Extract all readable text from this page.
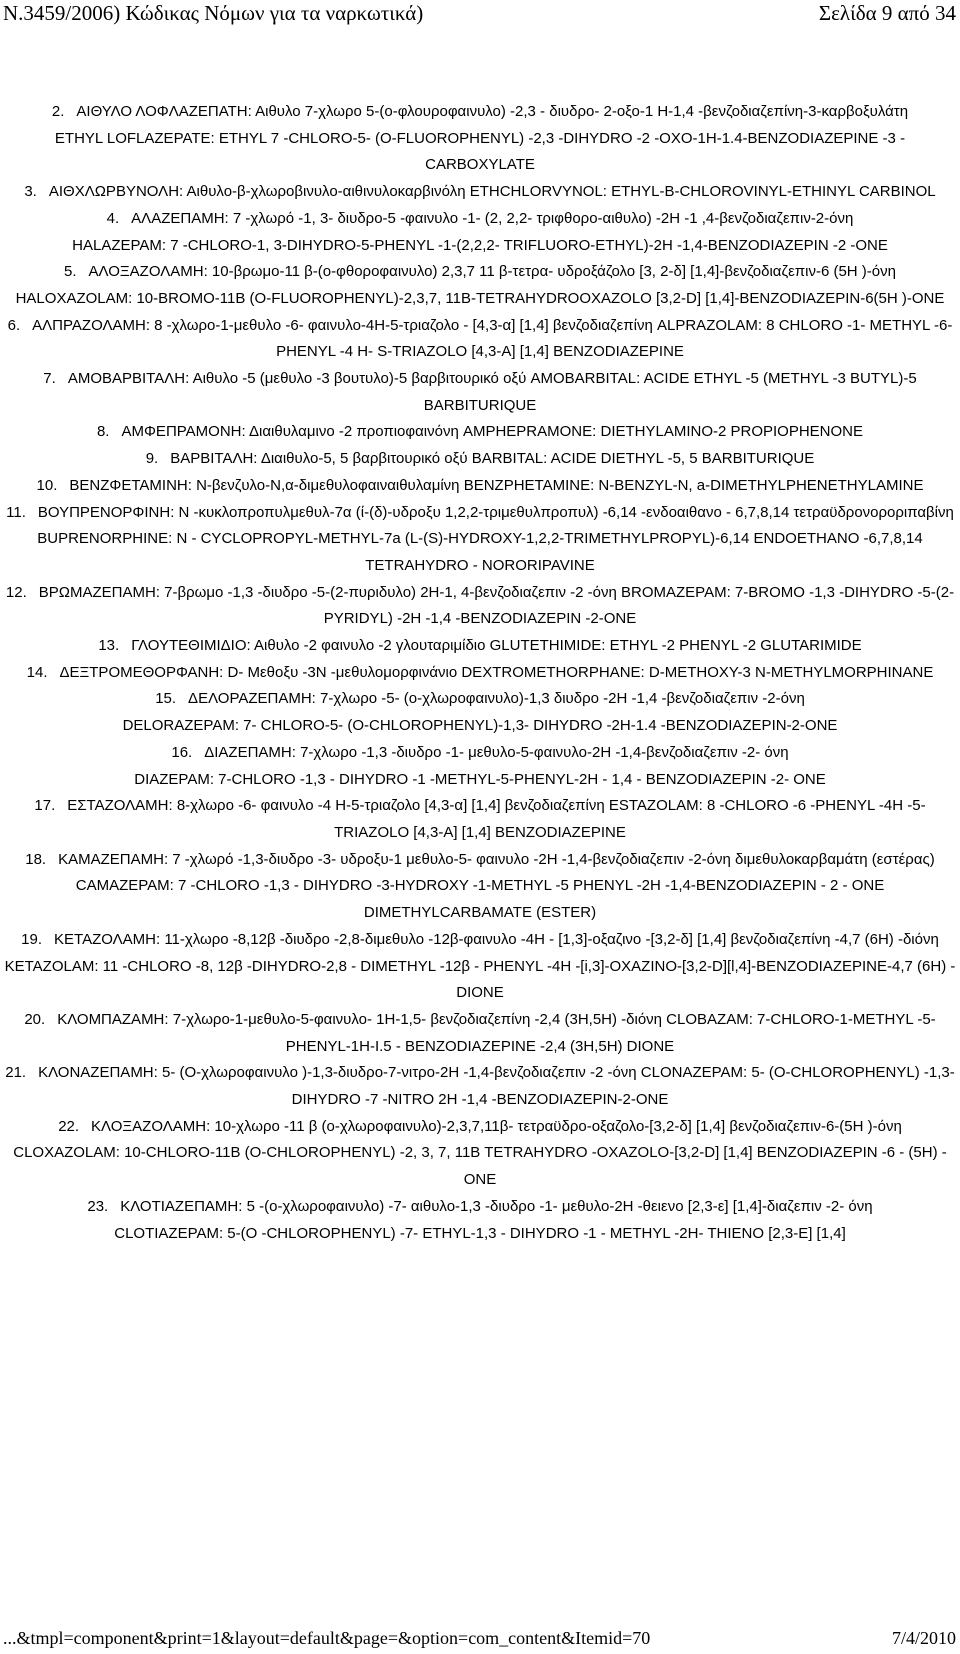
N.3459/2006) Κώδικας Νόμων για τα ναρκωτικά)	Σελίδα 9 από 34

2. ΑΙΘΥΛΟ ΛΟΦΛΑΖΕΠΑΤΗ: Αιθυλο 7-χλωρο 5-(ο-φλουροφαινυλο) -2,3 - διυδρο- 2-οξο-1 Η-1,4 -βενζοδιαζεπίνη-3-καρβοξυλάτη

ETHYL LOFLAZEPATE: ETHYL 7 -CHLORO-5- (O-FLUOROPHENYL) -2,3 -DIHYDRO -2 -OXO-1H-1.4-BENZODIAZEPINE -3 -CARBOXYLATE

3. ΑΙΘΧΛΩΡΒΥΝΟΛΗ: Αιθυλο-β-χλωροβινυλο-αιθινυλοκαρβινόλη ETHCHLORVYNOL: ETHYL-B-CHLOROVINYL-ETHINYL CARBINOL

4. ΑΛΑΖΕΠΑΜΗ: 7 -χλωρό -1, 3- διυδρο-5 -φαινυλο -1- (2, 2,2- τριφθορο-αιθυλο) -2Η -1 ,4-βενζοδιαζεπιν-2-όνη

HALAZEPAM: 7 -CHLORO-1, 3-DIHYDRO-5-PHENYL -1-(2,2,2- TRIFLUORO-ETHYL)-2H -1,4-BENZODIAZEPIN -2 -ONE

5. ΑΛΟΞΑΖΟΛΑΜΗ: 10-βρωμο-11 β-(ο-φθοροφαινυλο) 2,3,7 11 β-τετρα- υδροξάζολο [3, 2-δ] [1,4]-βενζοδιαζεπιν-6 (5Η )-όνη

HALOXAZOLAM: 10-BROMO-11B (O-FLUOROPHENYL)-2,3,7, 11B-TETRAHYDROOXAZOLO [3,2-D] [1,4]-BENZODIAZEPIN-6(5H )-ONE

6. ΑΛΠΡΑΖΟΛΑΜΗ: 8 -χλωρο-1-μεθυλο -6- φαινυλο-4Η-5-τριαζολο - [4,3-α] [1,4] βενζοδιαζεπίνη ALPRAZOLAM: 8 CHLORO -1- METHYL -6- PHENYL -4 H- S-TRIAZOLO [4,3-A] [1,4] BENZODIAZEPINE

7. ΑΜΟΒΑΡΒΙΤΑΛΗ: Αιθυλο -5 (μεθυλο -3 βουτυλο)-5 βαρβιτουρικό οξύ AMOBARBITAL: ACIDE ETHYL -5 (METHYL -3 BUTYL)-5 BARBITURIQUE

8. ΑΜΦΕΠΡΑΜΟΝΗ: Διαιθυλαμινο -2 προπιοφαινόνη AMPHEPRAMONE: DIETHYLAMINO-2 PROPIOPHENONE

9. ΒΑΡΒΙΤΑΛΗ: Διαιθυλο-5, 5 βαρβιτουρικό οξύ BARBITAL: ACIDE DIETHYL -5, 5 BARBITURIQUE

10. ΒΕΝΖΦΕΤΑΜΙΝΗ: N-βενζυλο-Ν,α-διμεθυλοφαιναιθυλαμίνη BENZPHETAMINE: N-BENZYL-N, a-DIMETHYLPHENETHYLAMINE

11. ΒΟΥΠΡΕΝΟΡΦΙΝΗ: Ν -κυκλοπροπυλμεθυλ-7α (ί-(δ)-υδροξυ 1,2,2-τριμεθυλπροπυλ) -6,14 -ενδοαιθανο - 6,7,8,14 τετραϋδρονοροριπαβίνη

BUPRENORPHINE: N - CYCLOPROPYL-METHYL-7a (L-(S)-HYDROXY-1,2,2-TRIMETHYLPROPYL)-6,14 ENDOETHANO -6,7,8,14 TETRAHYDRO - NORORIPAVINE

12. ΒΡΩΜΑΖΕΠΑΜΗ: 7-βρωμο -1,3 -διυδρο -5-(2-πυριδυλο) 2Η-1, 4-βενζοδιαζεπιν -2 -όνη BROMAZEPAM: 7-BROMO -1,3 -DIHYDRO -5-(2-PYRIDYL) -2H -1,4 -BENZODIAZEPIN -2-ONE

13. ΓΛΟΥΤΕΘΙΜΙΔΙΟ: Αιθυλο -2 φαινυλο -2 γλουταριμίδιο GLUTETHIMIDE: ETHYL -2 PHENYL -2 GLUTARIMIDE

14. ΔΕΞΤΡΟΜΕΘΟΡΦΑΝΗ: D- Μεθοξυ -3Ν -μεθυλομορφινάνιο DEXTROMETHORPHANE: D-METHOXY-3 N-METHYLMORPHINANE

15. ΔΕΛΟΡΑΖΕΠΑΜΗ: 7-χλωρο -5- (ο-χλωροφαινυλο)-1,3 διυδρο -2Η -1,4 -βενζοδιαζεπιν -2-όνη

DELORAZEPAM: 7- CHLORO-5- (O-CHLOROPHENYL)-1,3- DIHYDRO -2H-1.4 -BENZODIAZEPIN-2-ONE

16. ΔΙΑΖΕΠΑΜΗ: 7-χλωρο -1,3 -διυδρο -1- μεθυλο-5-φαινυλο-2Η -1,4-βενζοδιαζεπιν -2- όνη

DIAZEPAM: 7-CHLORO -1,3 - DIHYDRO -1 -METHYL-5-PHENYL-2H - 1,4 - BENZODIAZEPIN -2- ONE

17. ΕΣΤΑΖΟΛΑΜΗ: 8-χλωρο -6- φαινυλο -4 Η-5-τριαζολο [4,3-α] [1,4] βενζοδιαζεπίνη ESTAZOLAM: 8 -CHLORO -6 -PHENYL -4H -5-TRIAZOLO [4,3-A] [1,4] BENZODIAZEPINE

18. ΚΑΜΑΖΕΠΑΜΗ: 7 -χλωρό -1,3-διυδρο -3- υδροξυ-1 μεθυλο-5- φαινυλο -2Η -1,4-βενζοδιαζεπιν -2-όνη διμεθυλοκαρβαμάτη (εστέρας)

CAMAZEPAM: 7 -CHLORO -1,3 - DIHYDRO -3-HYDROXY -1-METHYL -5 PHENYL -2H -1,4-BENZODIAZEPIN - 2 - ONE DIMETHYLCARBAMATE (ESTER)

19. ΚΕΤΑΖΟΛΑΜΗ: 11-χλωρο -8,12β -διυδρο -2,8-διμεθυλο -12β-φαινυλο -4Η - [1,3]-οξαζινο -[3,2-δ] [1,4] βενζοδιαζεπίνη -4,7 (6Η) -διόνη

KETAZOLAM: 11 -CHLORO -8, 12β -DIHYDRO-2,8 - DIMETHYL -12β - PHENYL -4H -[i,3]-OXAZINO-[3,2-D][l,4]-BENZODIAZEPINE-4,7 (6H) -DIONE

20. ΚΛΟΜΠΑΖΑΜΗ: 7-χλωρο-1-μεθυλο-5-φαινυλο- 1Η-1,5- βενζοδιαζεπίνη -2,4 (3Η,5Η) -διόνη CLOBAZAM: 7-CHLORO-1-METHYL -5-PHENYL-1H-I.5 - BENZODIAZEPINE -2,4 (3H,5H) DIONE

21. ΚΛΟΝΑΖΕΠΑΜΗ: 5- (Ο-χλωροφαινυλο )-1,3-διυδρο-7-νιτρο-2Η -1,4-βενζοδιαζεπιν -2 -όνη CLONAZEPAM: 5- (O-CHLOROPHENYL) -1,3-DIHYDRO -7 -NITRO 2H -1,4 -BENZODIAZEPIN-2-ONE

22. ΚΛΟΞΑΖΟΛΑΜΗ: 10-χλωρο -11 β (ο-χλωροφαινυλο)-2,3,7,11β- τετραϋδρο-οξαζολο-[3,2-δ] [1,4] βενζοδιαζεπιν-6-(5Η )-όνη

CLOXAZOLAM: 10-CHLORO-11B (O-CHLOROPHENYL) -2, 3, 7, 11B TETRAHYDRO -OXAZOLO-[3,2-D] [1,4] BENZODIAZEPIN -6 - (5H) - ONE

23. ΚΛΟΤΙΑΖΕΠΑΜΗ: 5 -(ο-χλωροφαινυλο) -7- αιθυλο-1,3 -διυδρο -1- μεθυλο-2Η -θειενο [2,3-ε] [1,4]-διαζεπιν -2- όνη

CLOTIAZEPAM: 5-(O -CHLOROPHENYL) -7- ETHYL-1,3 - DIHYDRO -1 - METHYL -2H- THIENO [2,3-E] [1,4]

...&tmpl=component&print=1&layout=default&page=&option=com_content&Itemid=70	7/4/2010
